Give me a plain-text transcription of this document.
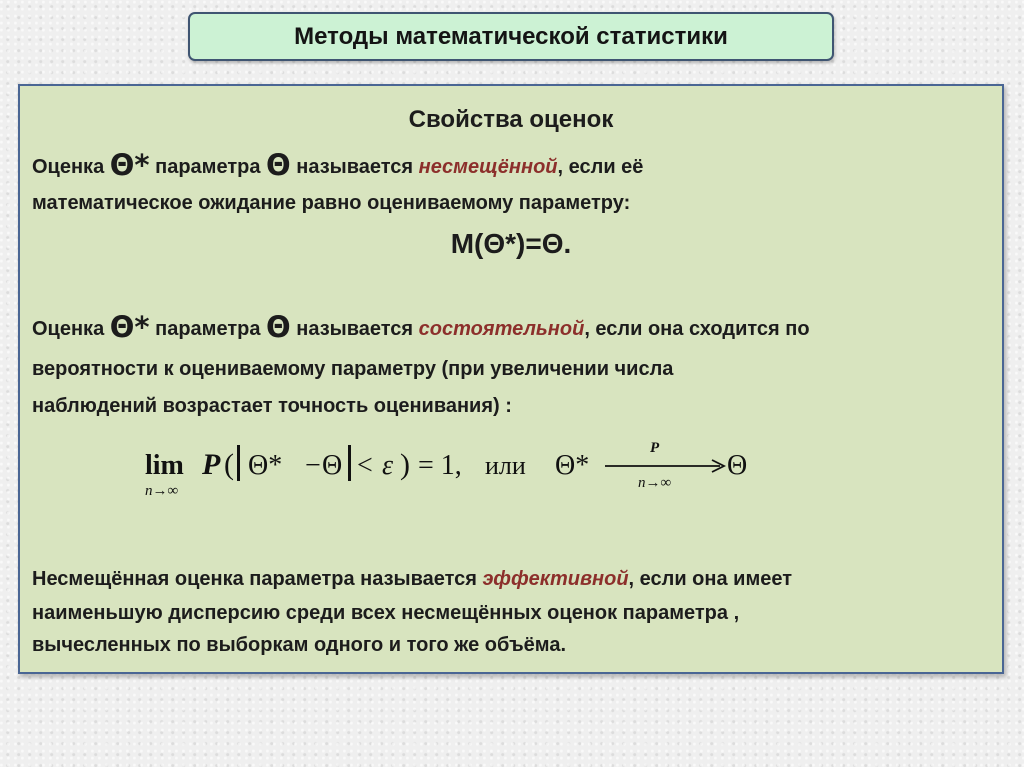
Методы математической статистики
Свойства оценок
Оценка Θ* параметра Θ называется несмещённой, если её
математическое ожидание равно оцениваемому параметру:
M(Θ*)=Θ.
Оценка Θ* параметра Θ называется состоятельной, если она сходится по
вероятности к оцениваемому параметру (при увеличении числа
наблюдений возрастает точность оценивания) :
lim
n→∞
P ( Θ* − Θ < ε ) = 1, или Θ*
P
n→∞
Θ
Несмещённая оценка параметра называется эффективной, если она имеет
наименьшую дисперсию среди всех несмещённых оценок параметра ,
вычесленных по выборкам одного и того же объёма.
